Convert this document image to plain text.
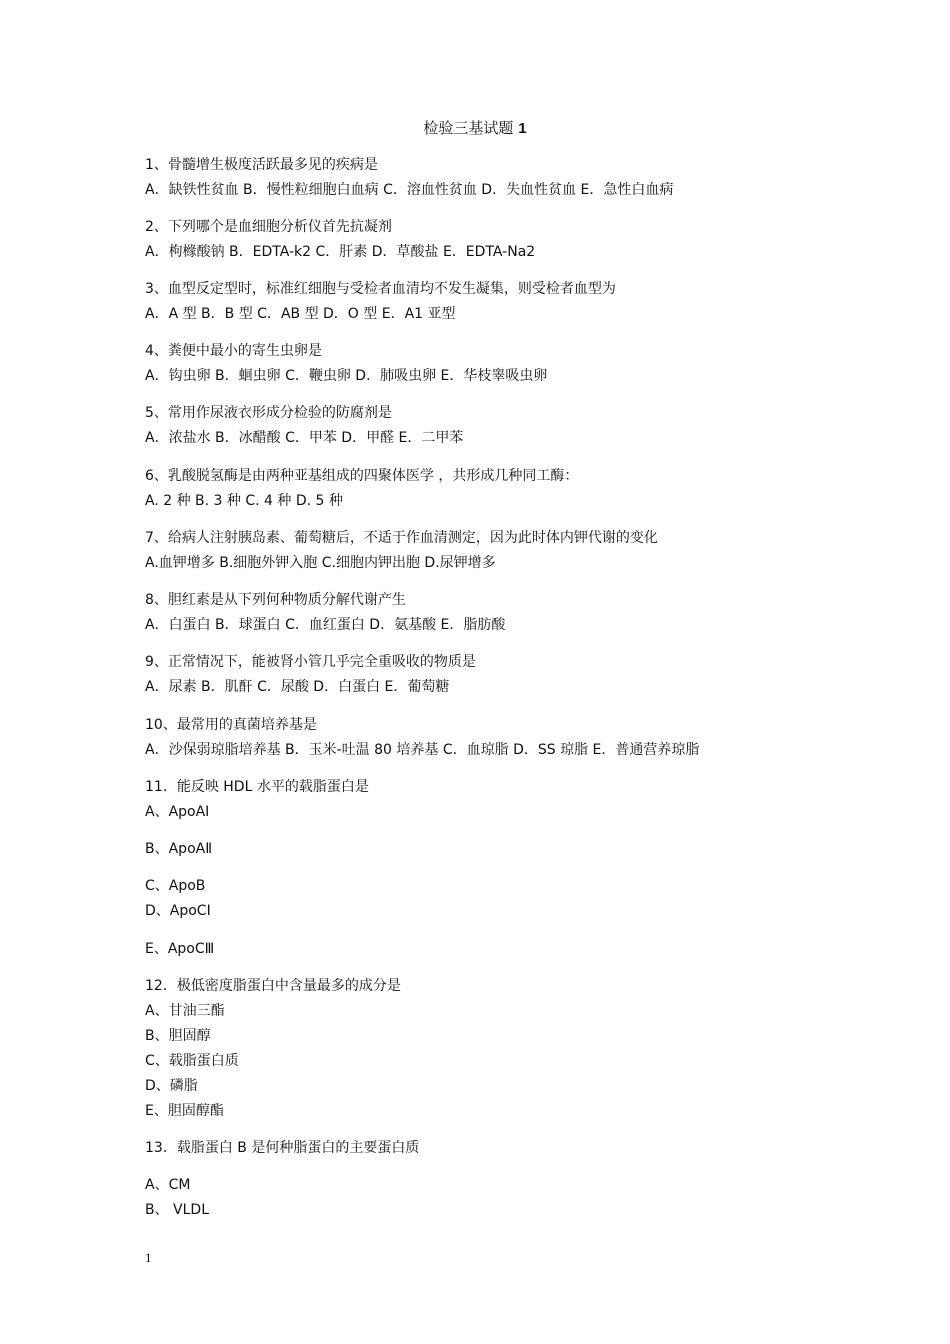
检验三基试题 1
1、骨髓增生极度活跃最多见的疾病是
A．缺铁性贫血 B．慢性粒细胞白血病 C．溶血性贫血 D．失血性贫血 E．急性白血病
2、下列哪个是血细胞分析仪首先抗凝剂
A．枸橼酸钠 B．EDTA-k2 C．肝素 D．草酸盐 E．EDTA-Na2
3、血型反定型时，标准红细胞与受检者血清均不发生凝集，则受检者血型为
A．A 型 B．B 型 C．AB 型 D．O 型 E．A1 亚型
4、粪便中最小的寄生虫卵是
A．钩虫卵 B．蛔虫卵 C．鞭虫卵 D．肺吸虫卵 E．华枝睾吸虫卵
5、常用作尿液衣形成分检验的防腐剂是
A．浓盐水 B．冰醋酸 C．甲苯 D．甲醛 E．二甲苯
6、乳酸脱氢酶是由两种亚基组成的四聚体医学 ，共形成几种同工酶：
A. 2 种 B. 3 种 C. 4 种 D. 5 种
7、给病人注射胰岛素、葡萄糖后，不适于作血清测定，因为此时体内钾代谢的变化
A.血钾增多 B.细胞外钾入胞 C.细胞内钾出胞 D.尿钾增多
8、胆红素是从下列何种物质分解代谢产生
A．白蛋白 B．球蛋白 C．血红蛋白 D．氨基酸 E．脂肪酸
9、正常情况下，能被肾小管几乎完全重吸收的物质是
A．尿素 B．肌酐 C．尿酸 D．白蛋白 E．葡萄糖
10、最常用的真菌培养基是
A．沙保弱琼脂培养基 B．玉米-吐温 80 培养基 C．血琼脂 D．SS 琼脂 E．普通营养琼脂
11．能反映 HDL 水平的载脂蛋白是
A、ApoAⅠ
B、ApoAⅡ
C、ApoB
D、ApoCⅠ
E、ApoCⅢ
12．极低密度脂蛋白中含量最多的成分是
A、甘油三酯
B、胆固醇
C、载脂蛋白质
D、磷脂
E、胆固醇酯
13．载脂蛋白 B 是何种脂蛋白的主要蛋白质
A、CM
B、 VLDL
1
